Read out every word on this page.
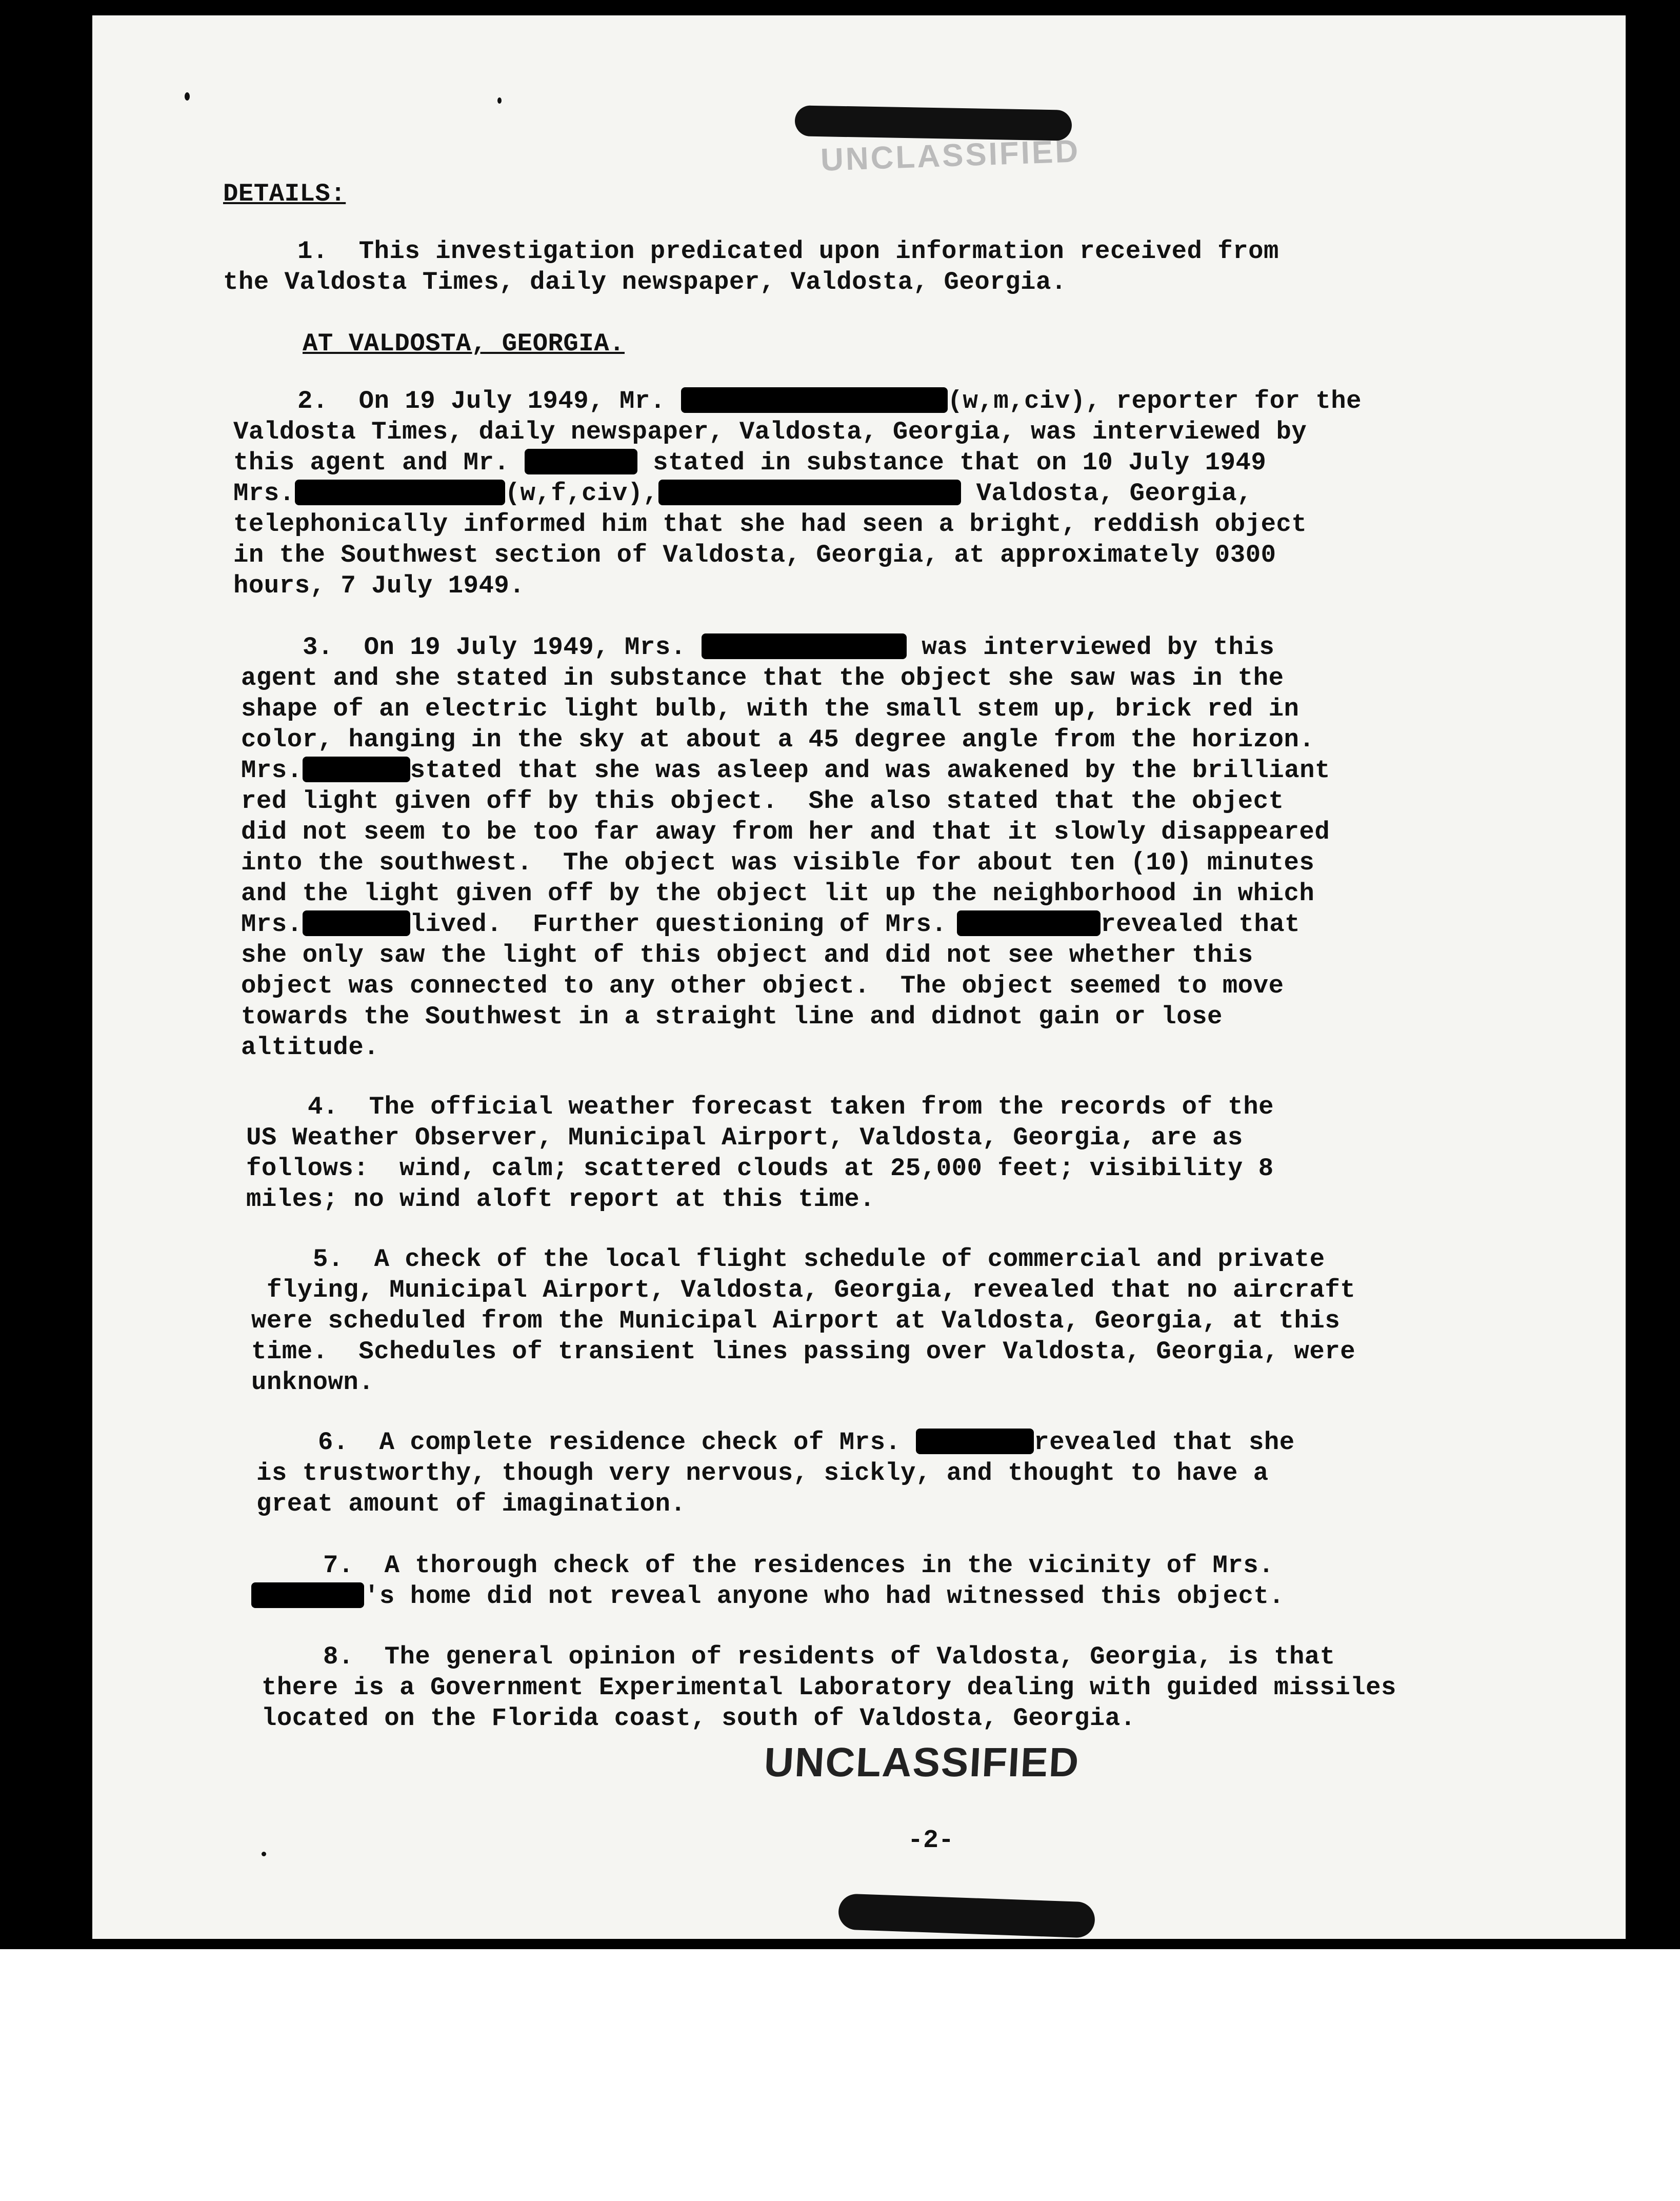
UNCLASSIFIED
DETAILS:
1.  This investigation predicated upon information received from
the Valdosta Times, daily newspaper, Valdosta, Georgia.
AT VALDOSTA, GEORGIA.
2.  On 19 July 1949, Mr.	(w,m,civ), reporter for the
Valdosta Times, daily newspaper, Valdosta, Georgia, was interviewed by
this agent and Mr.	stated in substance that on 10 July 1949
Mrs.	(w,f,civ),	Valdosta, Georgia,
telephonically informed him that she had seen a bright, reddish object
in the Southwest section of Valdosta, Georgia, at approximately 0300
hours, 7 July 1949.
3.  On 19 July 1949, Mrs.	was interviewed by this
agent and she stated in substance that the object she saw was in the
shape of an electric light bulb, with the small stem up, brick red in
color, hanging in the sky at about a 45 degree angle from the horizon.
Mrs.	stated that she was asleep and was awakened by the brilliant
red light given off by this object.  She also stated that the object
did not seem to be too far away from her and that it slowly disappeared
into the southwest.  The object was visible for about ten (10) minutes
and the light given off by the object lit up the neighborhood in which
Mrs.	lived.  Further questioning of Mrs.	revealed that
she only saw the light of this object and did not see whether this
object was connected to any other object.  The object seemed to move
towards the Southwest in a straight line and didnot gain or lose
altitude.
4.  The official weather forecast taken from the records of the
US Weather Observer, Municipal Airport, Valdosta, Georgia, are as
follows:  wind, calm; scattered clouds at 25,000 feet; visibility 8
miles; no wind aloft report at this time.
5.  A check of the local flight schedule of commercial and private
flying, Municipal Airport, Valdosta, Georgia, revealed that no aircraft
were scheduled from the Municipal Airport at Valdosta, Georgia, at this
time.  Schedules of transient lines passing over Valdosta, Georgia, were
unknown.
6.  A complete residence check of Mrs.	revealed that she
is trustworthy, though very nervous, sickly, and thought to have a
great amount of imagination.
7.  A thorough check of the residences in the vicinity of Mrs.
's home did not reveal anyone who had witnessed this object.
8.  The general opinion of residents of Valdosta, Georgia, is that
there is a Government Experimental Laboratory dealing with guided missiles
located on the Florida coast, south of Valdosta, Georgia.
UNCLASSIFIED
-2-
